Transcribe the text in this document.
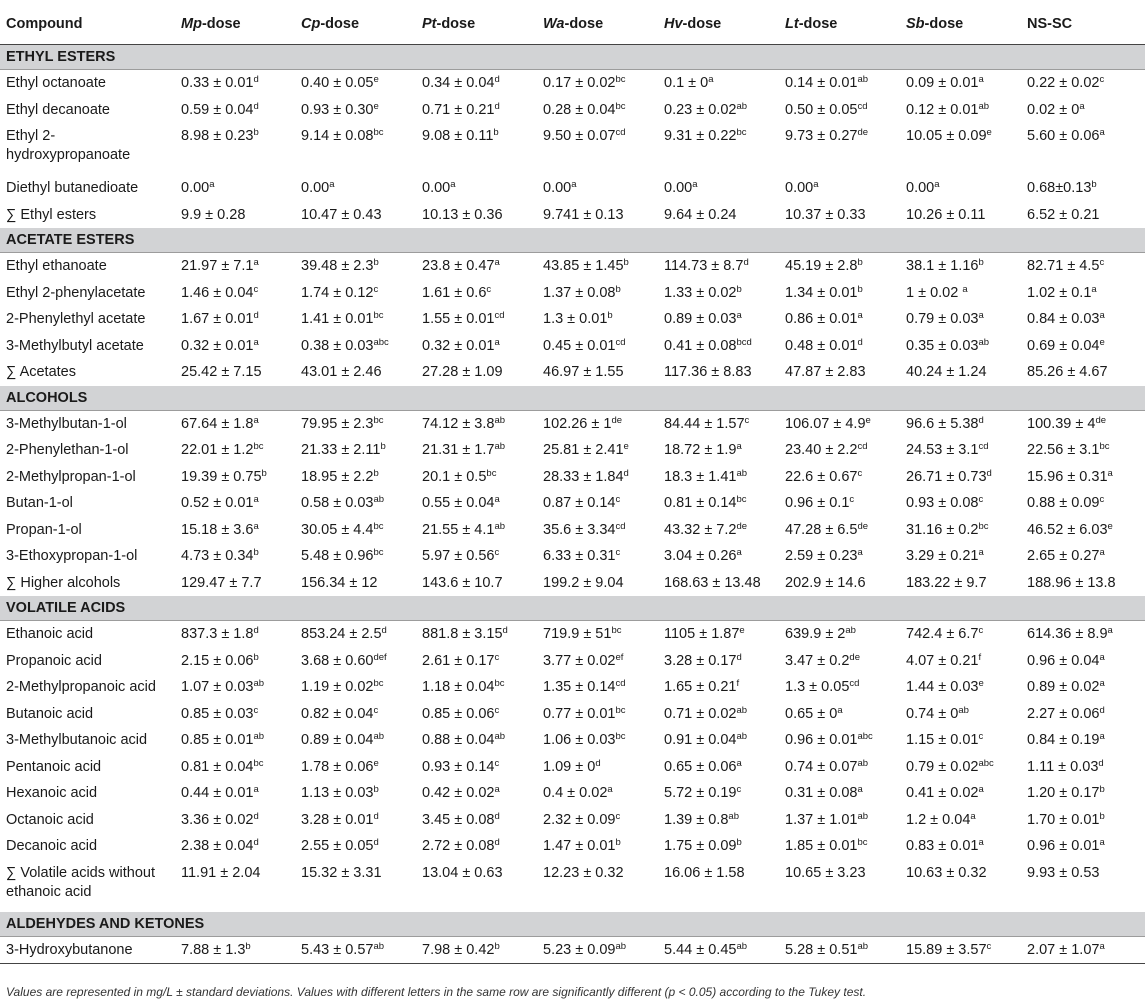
Compound	Mp-dose	Cp-dose	Pt-dose	Wa-dose	Hv-dose	Lt-dose	Sb-dose	NS-SC
ETHYL ESTERS								
Ethyl octanoate	0.33 ± 0.01$^d$	0.40 ± 0.05$^e$	0.34 ± 0.04$^d$	0.17 ± 0.02$^{bc}$	$0.1 \pm 0^a$	0.14 ± 0.01$^{ab}$	0.09 ± 0.01$^a$	0.22 ± 0.02$^c$
Ethyl decanoate	0.59 ± 0.04$^d$	0.93 ± 0.30$^e$	0.71 ± 0.21$^d$	0.28 ± 0.04$^{bc}$	0.23 ± 0.02$^{ab}$	0.50 ± 0.05$^{cd}$	0.12 ± 0.01$^{ab}$	$0.02 \pm 0^a$
Ethyl 2-hydroxypropanoate	8.98 ± 0.23$^b$	9.14 ± 0.08$^{bc}$	9.08 ± 0.11$^b$	9.50 ± 0.07$^{cd}$	9.31 ± 0.22$^{bc}$	9.73 ± 0.27de	10.05 ± 0.09$^e$	5.60 ± 0.06$^a$
Diethyl butanedioate	0.00$^a$	0.00$^a$	0.00$^a$	0.00$^a$	0.00$^a$	0.00$^a$	0.00$^a$	0.68±0.13$^b$
∑ Ethyl esters	9.9 ± 0.28	10.47 ± 0.43	10.13 ± 0.36	9.741 ± 0.13	9.64 ± 0.24	10.37 ± 0.33	10.26 ± 0.11	6.52 ± 0.21
ACETATE ESTERS								
Ethyl ethanoate	21.97 ± 7.1$^a$	39.48 ± 2.3$^b$	23.8 ± 0.47$^a$	43.85 ± 1.45$^b$	114.73 ± 8.7$^d$	45.19 ± 2.8$^b$	38.1 ± 1.16$^b$	82.71 ± 4.5$^c$
Ethyl 2-phenylacetate	1.46 ± 0.04$^c$	1.74 ± 0.12$^c$	1.61 ± 0.6$^c$	1.37 ± 0.08$^b$	1.33 ± 0.02$^b$	1.34 ± 0.01$^b$	1 ± 0.02 $^a$	1.02 ± 0.1$^a$
2-Phenylethyl acetate	1.67 ± 0.01$^d$	1.41 ± 0.01$^{bc}$	1.55 ± 0.01$^{cd}$	1.3 ± 0.01$^b$	0.89 ± 0.03$^a$	0.86 ± 0.01$^a$	0.79 ± 0.03$^a$	0.84 ± 0.03$^a$
3-Methylbutyl acetate	0.32 ± 0.01$^a$	0.38 ± 0.03$^{abc}$	0.32 ± 0.01$^a$	0.45 ± 0.01$^{cd}$	0.41 ± 0.08$^{bcd}$	0.48 ± 0.01$^d$	0.35 ± 0.03$^{ab}$	0.69 ± 0.04$^e$
∑ Acetates	25.42 ± 7.15	43.01 ± 2.46	27.28 ± 1.09	46.97 ± 1.55	117.36 ± 8.83	47.87 ± 2.83	40.24 ± 1.24	85.26 ± 4.67
ALCOHOLS								
3-Methylbutan-1-ol	67.64 ± 1.8$^a$	79.95 ± 2.3$^{bc}$	74.12 ± 3.8$^{ab}$	102.26 ± 1de	84.44 ± 1.57$^c$	106.07 ± 4.9$^e$	96.6 ± 5.38$^d$	100.39 ± 4de
2-Phenylethan-1-ol	22.01 ± 1.2$^{bc}$	21.33 ± 2.11$^b$	21.31 ± 1.7$^{ab}$	25.81 ± 2.41$^e$	18.72 ± 1.9$^a$	23.40 ± 2.2$^{cd}$	24.53 ± 3.1$^{cd}$	22.56 ± 3.1$^{bc}$
2-Methylpropan-1-ol	19.39 ± 0.75$^b$	18.95 ± 2.2$^b$	20.1 ± 0.5$^{bc}$	28.33 ± 1.84$^d$	18.3 ± 1.41$^{ab}$	22.6 ± 0.67$^c$	26.71 ± 0.73$^d$	15.96 ± 0.31$^a$
Butan-1-ol	0.52 ± 0.01$^a$	0.58 ± 0.03$^{ab}$	0.55 ± 0.04$^a$	0.87 ± 0.14$^c$	0.81 ± 0.14$^{bc}$	0.96 ± 0.1$^c$	0.93 ± 0.08$^c$	0.88 ± 0.09$^c$
Propan-1-ol	15.18 ± 3.6$^a$	30.05 ± 4.4$^{bc}$	21.55 ± 4.1$^{ab}$	35.6 ± 3.34$^{cd}$	43.32 ± 7.2de	47.28 ± 6.5de	31.16 ± 0.2$^{bc}$	46.52 ± 6.03$^e$
3-Ethoxypropan-1-ol	4.73 ± 0.34$^b$	5.48 ± 0.96$^{bc}$	5.97 ± 0.56$^c$	6.33 ± 0.31$^c$	3.04 ± 0.26$^a$	2.59 ± 0.23$^a$	3.29 ± 0.21$^a$	2.65 ± 0.27$^a$
∑ Higher alcohols	129.47 ± 7.7	156.34 ± 12	143.6 ± 10.7	199.2 ± 9.04	168.63 ± 13.48	202.9 ± 14.6	183.22 ± 9.7	188.96 ± 13.8
VOLATILE ACIDS								
Ethanoic acid	837.3 ± 1.8$^d$	853.24 ± 2.5$^d$	881.8 ± 3.15$^d$	$719.9 \pm 51^{bc}$	1105 ± 1.87$^e$	$639.9 \pm 2^{ab}$	742.4 ± 6.7$^c$	614.36 ± 8.9$^a$
Propanoic acid	2.15 ± 0.06$^b$	3.68 ± 0.60$^{def}$	2.61 ± 0.17$^c$	3.77 ± 0.02$^{ef}$	3.28 ± 0.17$^d$	3.47 ± 0.2de	4.07 ± 0.21$^f$	0.96 ± 0.04$^a$
2-Methylpropanoic acid	1.07 ± 0.03$^{ab}$	1.19 ± 0.02$^{bc}$	1.18 ± 0.04$^{bc}$	1.35 ± 0.14$^{cd}$	1.65 ± 0.21$^f$	1.3 ± 0.05$^{cd}$	1.44 ± 0.03$^e$	0.89 ± 0.02$^a$
Butanoic acid	0.85 ± 0.03$^c$	0.82 ± 0.04$^c$	0.85 ± 0.06$^c$	0.77 ± 0.01$^{bc}$	0.71 ± 0.02$^{ab}$	$0.65 \pm 0^a$	$0.74 \pm 0^{ab}$	2.27 ± 0.06$^d$
3-Methylbutanoic acid	0.85 ± 0.01$^{ab}$	0.89 ± 0.04$^{ab}$	0.88 ± 0.04$^{ab}$	1.06 ± 0.03$^{bc}$	0.91 ± 0.04$^{ab}$	0.96 ± 0.01$^{abc}$	1.15 ± 0.01$^c$	0.84 ± 0.19$^a$
Pentanoic acid	0.81 ± 0.04$^{bc}$	1.78 ± 0.06$^e$	0.93 ± 0.14$^c$	$1.09 \pm 0^d$	0.65 ± 0.06$^a$	0.74 ± 0.07$^{ab}$	0.79 ± 0.02$^{abc}$	1.11 ± 0.03$^d$
Hexanoic acid	0.44 ± 0.01$^a$	1.13 ± 0.03$^b$	0.42 ± 0.02$^a$	0.4 ± 0.02$^a$	5.72 ± 0.19$^c$	0.31 ± 0.08$^a$	0.41 ± 0.02$^a$	1.20 ± 0.17$^b$
Octanoic acid	3.36 ± 0.02$^d$	3.28 ± 0.01$^d$	3.45 ± 0.08$^d$	2.32 ± 0.09$^c$	1.39 ± 0.8$^{ab}$	1.37 ± 1.01$^{ab}$	1.2 ± 0.04$^a$	1.70 ± 0.01$^b$
Decanoic acid	2.38 ± 0.04$^d$	2.55 ± 0.05$^d$	2.72 ± 0.08$^d$	1.47 ± 0.01$^b$	1.75 ± 0.09$^b$	1.85 ± 0.01$^{bc}$	0.83 ± 0.01$^a$	0.96 ± 0.01$^a$
∑ Volatile acids without ethanoic acid	11.91 ± 2.04	15.32 ± 3.31	13.04 ± 0.63	12.23 ± 0.32	16.06 ± 1.58	10.65 ± 3.23	10.63 ± 0.32	9.93 ± 0.53
ALDEHYDES AND KETONES								
3-Hydroxybutanone	7.88 ± 1.3$^b$	5.43 ± 0.57$^{ab}$	7.98 ± 0.42$^b$	5.23 ± 0.09$^{ab}$	5.44 ± 0.45$^{ab}$	5.28 ± 0.51$^{ab}$	15.89 ± 3.57$^c$	2.07 ± 1.07$^a$
Values are represented in mg/L ± standard deviations. Values with different letters in the same row are significantly different (p < 0.05) according to the Tukey test.
